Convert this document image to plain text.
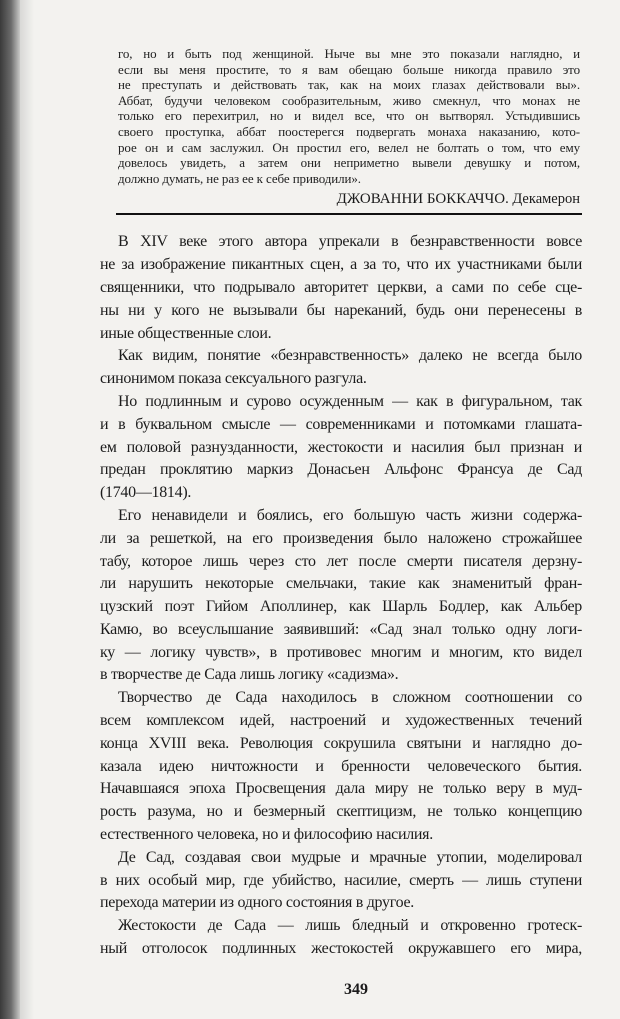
го, но и быть под женщиной. Ныче вы мне это показали наглядно, и
если вы меня простите, то я вам обещаю больше никогда правило это
не преступать и действовать так, как на моих глазах действовали вы».
Аббат, будучи человеком сообразительным, живо смекнул, что монах не
только его перехитрил, но и видел все, что он вытворял. Устыдившись
своего проступка, аббат поостерегся подвергать монаха наказанию, кото-
рое он и сам заслужил. Он простил его, велел не болтать о том, что ему
довелось увидеть, а затем они неприметно вывели девушку и потом,
должно думать, не раз ее к себе приводили».
ДЖОВАННИ БОККАЧЧО. Декамерон
В XIV веке этого автора упрекали в безнравственности вовсе
не за изображение пикантных сцен, а за то, что их участниками были
священники, что подрывало авторитет церкви, а сами по себе сце-
ны ни у кого не вызывали бы нареканий, будь они перенесены в
иные общественные слои.
Как видим, понятие «безнравственность» далеко не всегда было
синонимом показа сексуального разгула.
Но подлинным и сурово осужденным — как в фигуральном, так
и в буквальном смысле — современниками и потомками глашата-
ем половой разнузданности, жестокости и насилия был признан и
предан проклятию маркиз Донасьен Альфонс Франсуа де Сад
(1740—1814).
Его ненавидели и боялись, его большую часть жизни содержа-
ли за решеткой, на его произведения было наложено строжайшее
табу, которое лишь через сто лет после смерти писателя дерзну-
ли нарушить некоторые смельчаки, такие как знаменитый фран-
цузский поэт Гийом Аполлинер, как Шарль Бодлер, как Альбер
Камю, во всеуслышание заявивший: «Сад знал только одну логи-
ку — логику чувств», в противовес многим и многим, кто видел
в творчестве де Сада лишь логику «садизма».
Творчество де Сада находилось в сложном соотношении со
всем комплексом идей, настроений и художественных течений
конца XVIII века. Революция сокрушила святыни и наглядно до-
казала идею ничтожности и бренности человеческого бытия.
Начавшаяся эпоха Просвещения дала миру не только веру в муд-
рость разума, но и безмерный скептицизм, не только концепцию
естественного человека, но и философию насилия.
Де Сад, создавая свои мудрые и мрачные утопии, моделировал
в них особый мир, где убийство, насилие, смерть — лишь ступени
перехода материи из одного состояния в другое.
Жестокости де Сада — лишь бледный и откровенно гротеск-
ный отголосок подлинных жестокостей окружавшего его мира,
349
